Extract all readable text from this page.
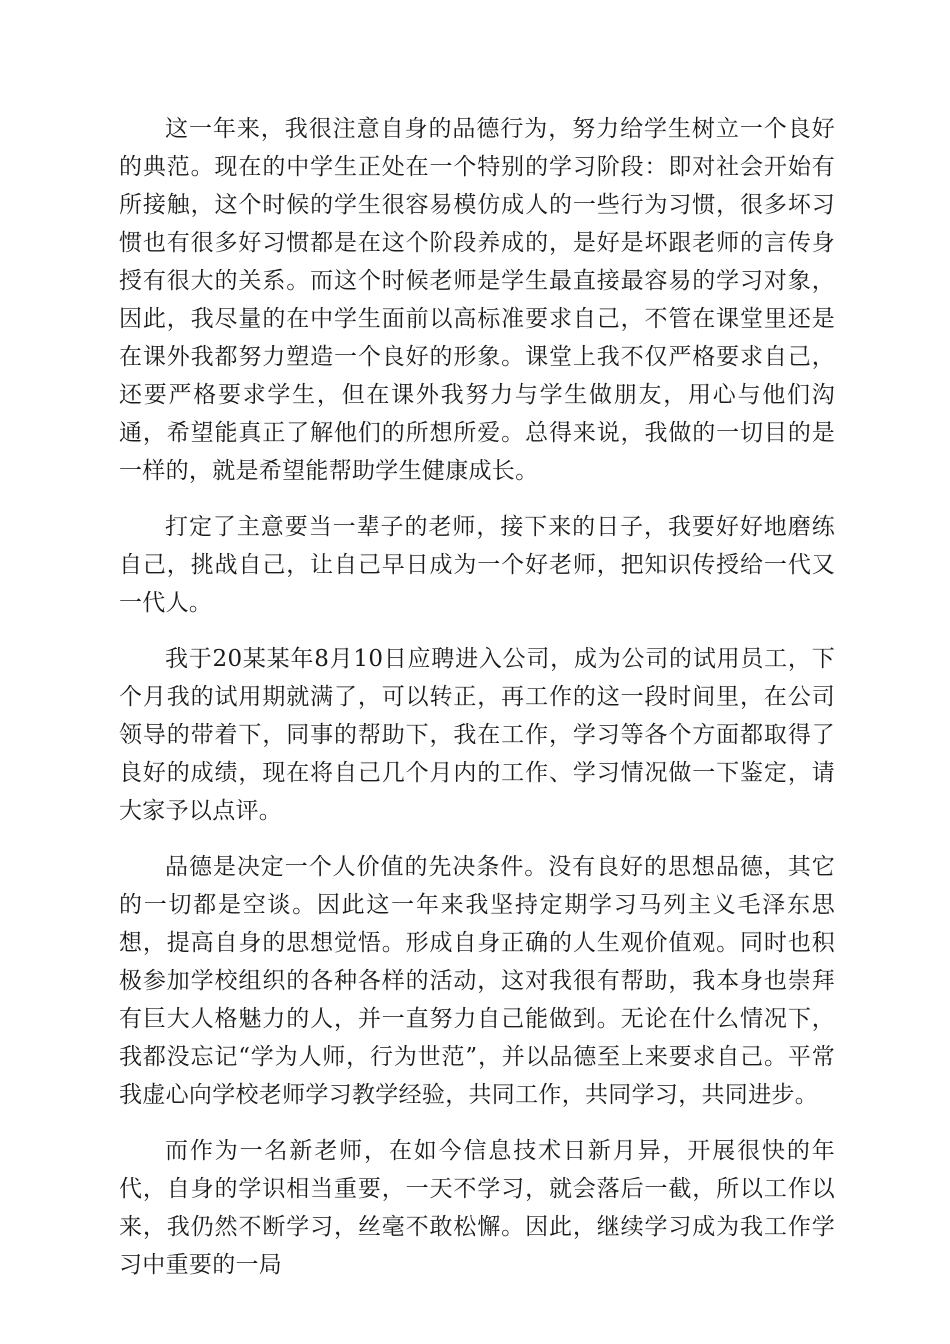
这一年来，我很注意自身的品德行为，努力给学生树立一个良好的典范。现在的中学生正处在一个特别的学习阶段：即对社会开始有所接触，这个时候的学生很容易模仿成人的一些行为习惯，很多坏习惯也有很多好习惯都是在这个阶段养成的，是好是坏跟老师的言传身授有很大的关系。而这个时候老师是学生最直接最容易的学习对象，因此，我尽量的在中学生面前以高标准要求自己，不管在课堂里还是在课外我都努力塑造一个良好的形象。课堂上我不仅严格要求自己，还要严格要求学生，但在课外我努力与学生做朋友，用心与他们沟通，希望能真正了解他们的所想所爱。总得来说，我做的一切目的是一样的，就是希望能帮助学生健康成长。

打定了主意要当一辈子的老师，接下来的日子，我要好好地磨练自己，挑战自己，让自己早日成为一个好老师，把知识传授给一代又一代人。

我于20某某年8月10日应聘进入公司，成为公司的试用员工，下个月我的试用期就满了，可以转正，再工作的这一段时间里，在公司领导的带着下，同事的帮助下，我在工作，学习等各个方面都取得了良好的成绩，现在将自己几个月内的工作、学习情况做一下鉴定，请大家予以点评。

品德是决定一个人价值的先决条件。没有良好的思想品德，其它的一切都是空谈。因此这一年来我坚持定期学习马列主义毛泽东思想，提高自身的思想觉悟。形成自身正确的人生观价值观。同时也积极参加学校组织的各种各样的活动，这对我很有帮助，我本身也崇拜有巨大人格魅力的人，并一直努力自己能做到。无论在什么情况下，我都没忘记“学为人师，行为世范”，并以品德至上来要求自己。平常我虚心向学校老师学习教学经验，共同工作，共同学习，共同进步。

而作为一名新老师，在如今信息技术日新月异，开展很快的年代，自身的学识相当重要，一天不学习，就会落后一截，所以工作以来，我仍然不断学习，丝毫不敢松懈。因此，继续学习成为我工作学习中重要的一局
